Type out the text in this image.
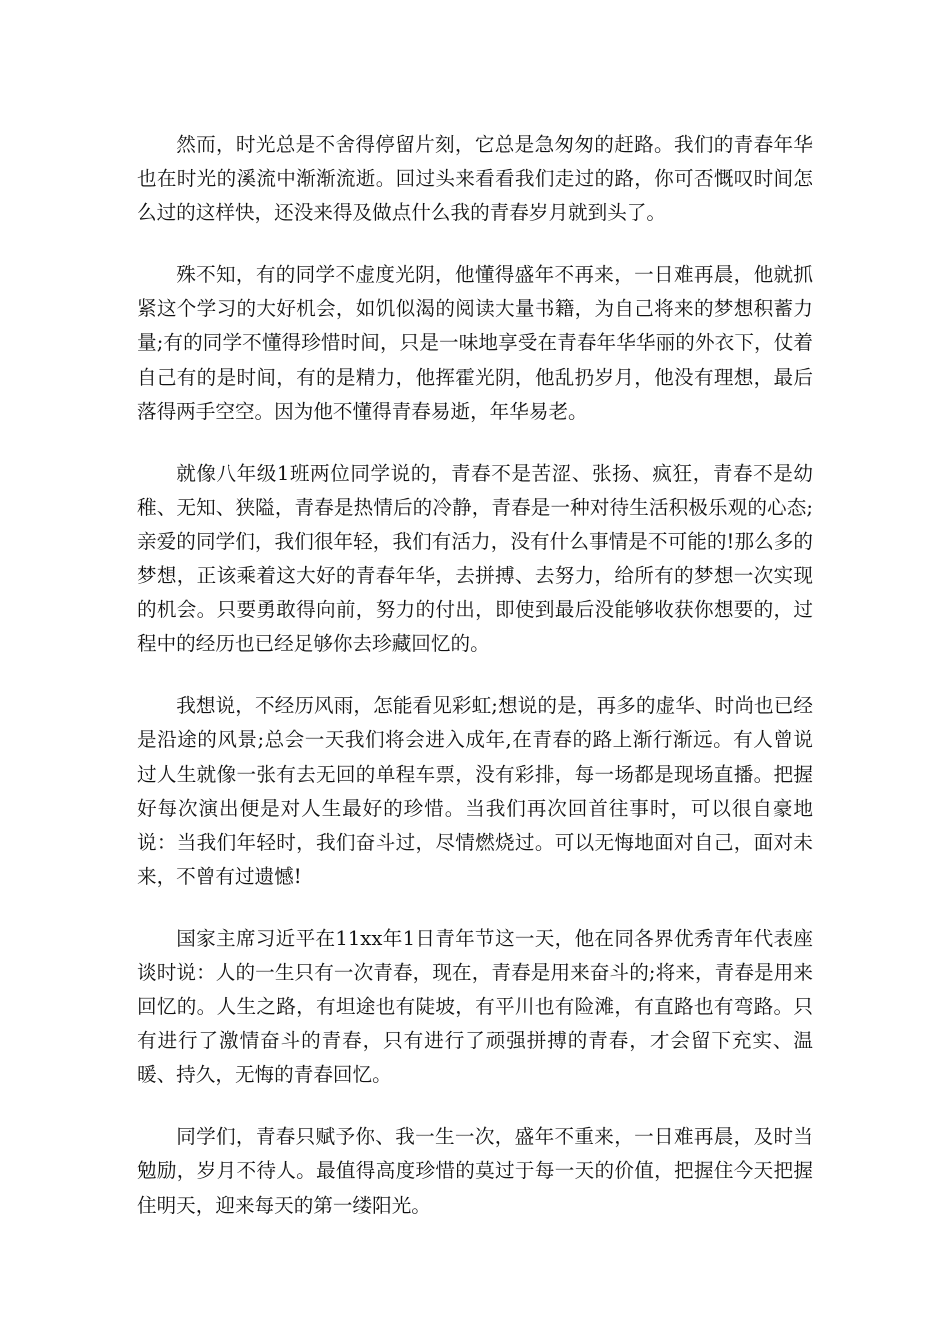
然而，时光总是不舍得停留片刻，它总是急匆匆的赶路。我们的青春年华也在时光的溪流中渐渐流逝。回过头来看看我们走过的路，你可否慨叹时间怎么过的这样快，还没来得及做点什么我的青春岁月就到头了。

殊不知，有的同学不虚度光阴，他懂得盛年不再来，一日难再晨，他就抓紧这个学习的大好机会，如饥似渴的阅读大量书籍，为自己将来的梦想积蓄力量;有的同学不懂得珍惜时间，只是一味地享受在青春年华华丽的外衣下，仗着自己有的是时间，有的是精力，他挥霍光阴，他乱扔岁月，他没有理想，最后落得两手空空。因为他不懂得青春易逝，年华易老。

就像八年级1班两位同学说的，青春不是苦涩、张扬、疯狂，青春不是幼稚、无知、狭隘，青春是热情后的冷静，青春是一种对待生活积极乐观的心态;亲爱的同学们，我们很年轻，我们有活力，没有什么事情是不可能的!那么多的梦想，正该乘着这大好的青春年华，去拼搏、去努力，给所有的梦想一次实现的机会。只要勇敢得向前，努力的付出，即使到最后没能够收获你想要的，过程中的经历也已经足够你去珍藏回忆的。

我想说，不经历风雨，怎能看见彩虹;想说的是，再多的虚华、时尚也已经是沿途的风景;总会一天我们将会进入成年,在青春的路上渐行渐远。有人曾说过人生就像一张有去无回的单程车票，没有彩排，每一场都是现场直播。把握好每次演出便是对人生最好的珍惜。当我们再次回首往事时，可以很自豪地说：当我们年轻时，我们奋斗过，尽情燃烧过。可以无悔地面对自己，面对未来，不曾有过遗憾!

国家主席习近平在11xx年1日青年节这一天，他在同各界优秀青年代表座谈时说：人的一生只有一次青春，现在，青春是用来奋斗的;将来，青春是用来回忆的。人生之路，有坦途也有陡坡，有平川也有险滩，有直路也有弯路。只有进行了激情奋斗的青春，只有进行了顽强拼搏的青春，才会留下充实、温暖、持久，无悔的青春回忆。

同学们，青春只赋予你、我一生一次，盛年不重来，一日难再晨，及时当勉励，岁月不待人。最值得高度珍惜的莫过于每一天的价值，把握住今天把握住明天，迎来每天的第一缕阳光。
